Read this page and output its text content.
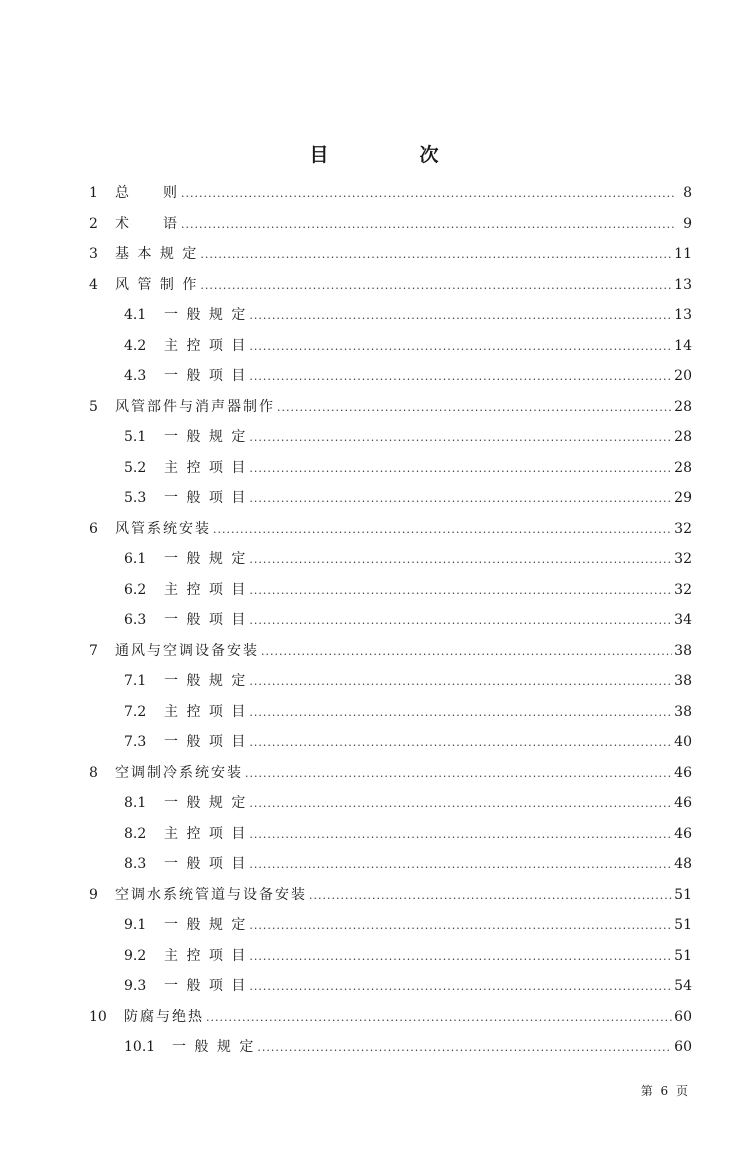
目　次
1	总　　则 .....	8
2	术　　语 .....	9
3	基 本 规 定 .....	11
4	风 管 制 作 .....	13
4.1	一 般 规 定 .....	13
4.2	主 控 项 目 .....	14
4.3	一 般 项 目 .....	20
5	风管部件与消声器制作 .....	28
5.1	一 般 规 定 .....	28
5.2	主 控 项 目 .....	28
5.3	一 般 项 目 .....	29
6	风管系统安装 .....	32
6.1	一 般 规 定 .....	32
6.2	主 控 项 目 .....	32
6.3	一 般 项 目 .....	34
7	通风与空调设备安装 .....	38
7.1	一 般 规 定 .....	38
7.2	主 控 项 目 .....	38
7.3	一 般 项 目 .....	40
8	空调制冷系统安装 .....	46
8.1	一 般 规 定 .....	46
8.2	主 控 项 目 .....	46
8.3	一 般 项 目 .....	48
9	空调水系统管道与设备安装 .....	51
9.1	一 般 规 定 .....	51
9.2	主 控 项 目 .....	51
9.3	一 般 项 目 .....	54
10	防腐与绝热 .....	60
10.1	一 般 规 定 .....	60
第 6 页
